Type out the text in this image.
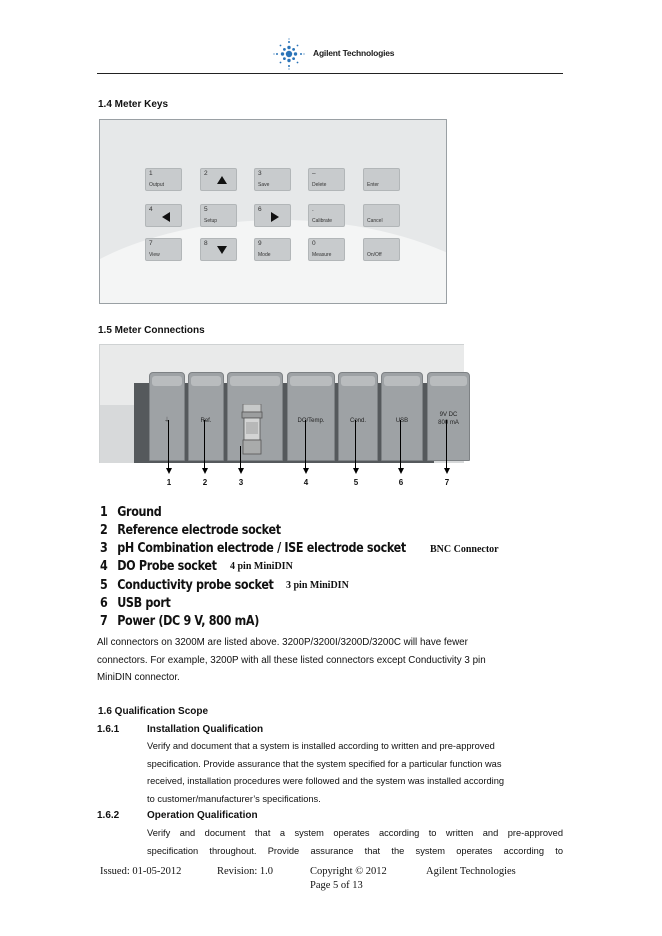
Agilent Technologies
1.4 Meter Keys
1
Output
2	3
Save
–
Delete	Enter
4	5
Setup
6	.
Calibrate	Cancel
7
View
8	9
Mode
0
Measure	On/Off
1.5 Meter Connections
⏚	Ref.	DO/Temp.	Cond.	USB
9V DC
800 mA
1	2	3	4	5	6	7
1 Ground
2 Reference electrode socket
3 pH Combination electrode / ISE electrode socket
4 DO Probe socket
5 Conductivity probe socket
6 USB port
7 Power (DC 9 V, 800 mA)
BNC Connector
4 pin MiniDIN
3 pin MiniDIN
All connectors on 3200M are listed above. 3200P/3200I/3200D/3200C will have fewer
connectors. For example, 3200P with all these listed connectors except Conductivity 3 pin
MiniDIN connector.
1.6 Qualification Scope
1.6.1	Installation Qualification
Verify and document that a system is installed according to written and pre-approved
specification. Provide assurance that the system specified for a particular function was
received, installation procedures were followed and the system was installed according
to customer/manufacturer’s specifications.
1.6.2	Operation Qualification
Verify and document that a system operates according to written and pre-approved
specification throughout. Provide assurance that the system operates according to
Issued: 01-05-2012	Revision: 1.0	Copyright © 2012	Agilent Technologies
Page 5 of 13
